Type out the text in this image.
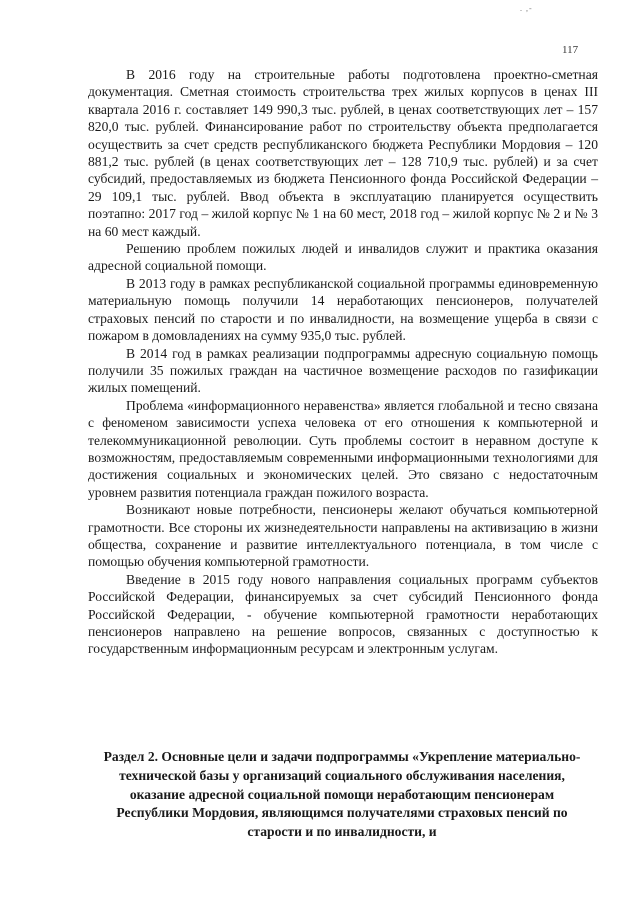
. ,-
117

В 2016 году на строительные работы подготовлена проектно-сметная документация. Сметная стоимость строительства трех жилых корпусов в ценах III квартала 2016 г. составляет 149 990,3 тыс. рублей, в ценах соответствующих лет – 157 820,0 тыс. рублей. Финансирование работ по строительству объекта предполагается осуществить за счет средств республиканского бюджета Республики Мордовия – 120 881,2 тыс. рублей (в ценах соответствующих лет – 128 710,9 тыс. рублей) и за счет субсидий, предоставляемых из бюджета Пенсионного фонда Российской Федерации – 29 109,1 тыс. рублей. Ввод объекта в эксплуатацию планируется осуществить поэтапно: 2017 год – жилой корпус № 1 на 60 мест, 2018 год – жилой корпус № 2 и № 3 на 60 мест каждый.

Решению проблем пожилых людей и инвалидов служит и практика оказания адресной социальной помощи.

В 2013 году в рамках республиканской социальной программы единовременную материальную помощь получили 14 неработающих пенсионеров, получателей страховых пенсий по старости и по инвалидности, на возмещение ущерба в связи с пожаром в домовладениях на сумму 935,0 тыс. рублей.

В 2014 год в рамках реализации подпрограммы адресную социальную помощь получили 35 пожилых граждан на частичное возмещение расходов по газификации жилых помещений.

Проблема «информационного неравенства» является глобальной и тесно связана с феноменом зависимости успеха человека от его отношения к компьютерной и телекоммуникационной революции. Суть проблемы состоит в неравном доступе к возможностям, предоставляемым современными информационными технологиями для достижения социальных и экономических целей. Это связано с недостаточным уровнем развития потенциала граждан пожилого возраста.

Возникают новые потребности, пенсионеры желают обучаться компьютерной грамотности. Все стороны их жизнедеятельности направлены на активизацию в жизни общества, сохранение и развитие интеллектуального потенциала, в том числе с помощью обучения компьютерной грамотности.

Введение в 2015 году нового направления социальных программ субъектов Российской Федерации, финансируемых за счет субсидий Пенсионного фонда Российской Федерации, - обучение компьютерной грамотности неработающих пенсионеров направлено на решение вопросов, связанных с доступностью к государственным информационным ресурсам и электронным услугам.

Раздел 2. Основные цели и задачи подпрограммы «Укрепление материально-технической базы у организаций социального обслуживания населения, оказание адресной социальной помощи неработающим пенсионерам Республики Мордовия, являющимся получателями страховых пенсий по старости и по инвалидности, и
